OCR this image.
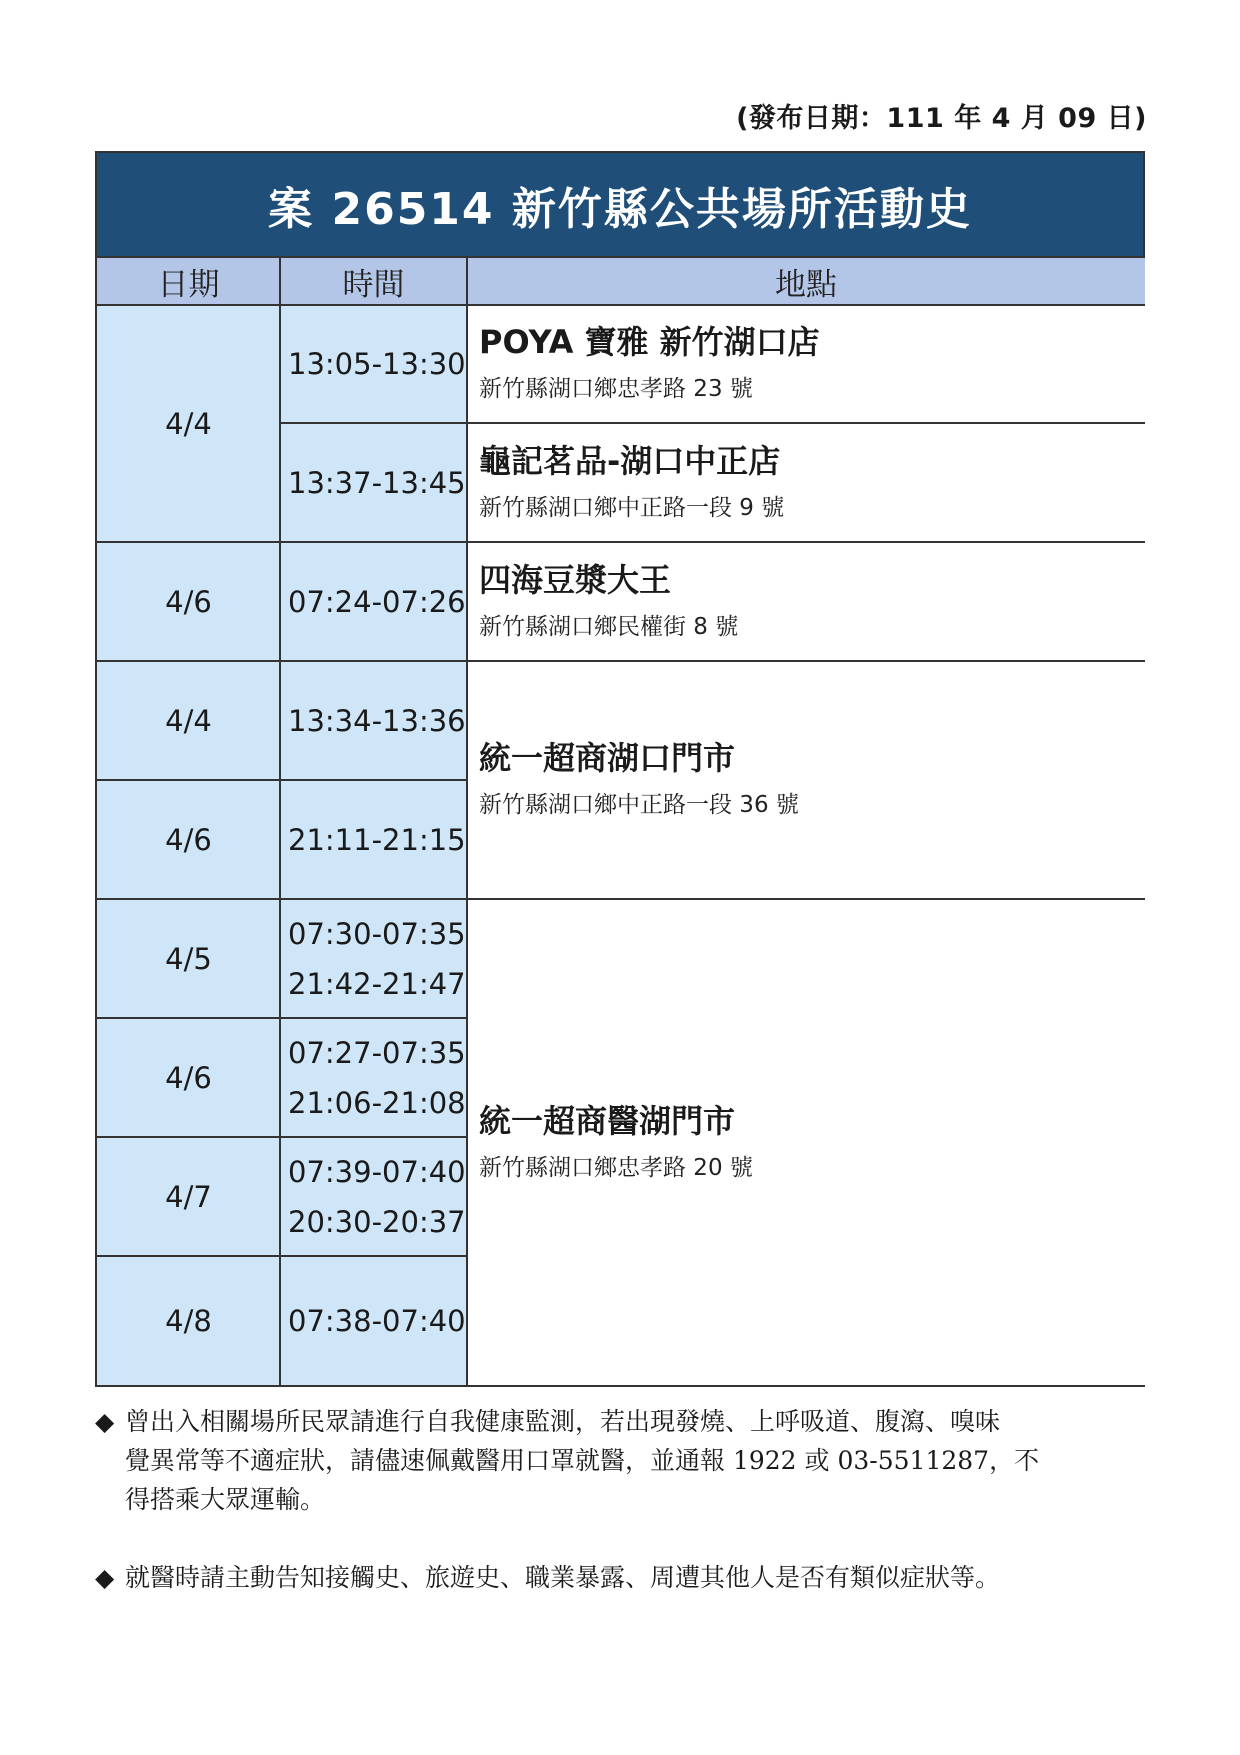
(發布日期：111 年 4 月 09 日)
案 26514 新竹縣公共場所活動史
日期	時間	地點
4/4
4/6
4/4
4/6
4/5
4/6
4/7
4/8
13:05-13:30
13:37-13:45
07:24-07:26
13:34-13:36
21:11-21:15
07:30-07:35
21:42-21:47
07:27-07:35
21:06-21:08
07:39-07:40
20:30-20:37
07:38-07:40
POYA 寶雅 新竹湖口店
新竹縣湖口鄉忠孝路 23 號
龜記茗品-湖口中正店
新竹縣湖口鄉中正路一段 9 號
四海豆漿大王
新竹縣湖口鄉民權街 8 號
統一超商湖口門市
新竹縣湖口鄉中正路一段 36 號
統一超商醫湖門市
新竹縣湖口鄉忠孝路 20 號
◆ 曾出入相關場所民眾請進行自我健康監測，若出現發燒、上呼吸道、腹瀉、嗅味
覺異常等不適症狀，請儘速佩戴醫用口罩就醫，並通報 1922 或 03-5511287，不
得搭乘大眾運輸。
◆ 就醫時請主動告知接觸史、旅遊史、職業暴露、周遭其他人是否有類似症狀等。
